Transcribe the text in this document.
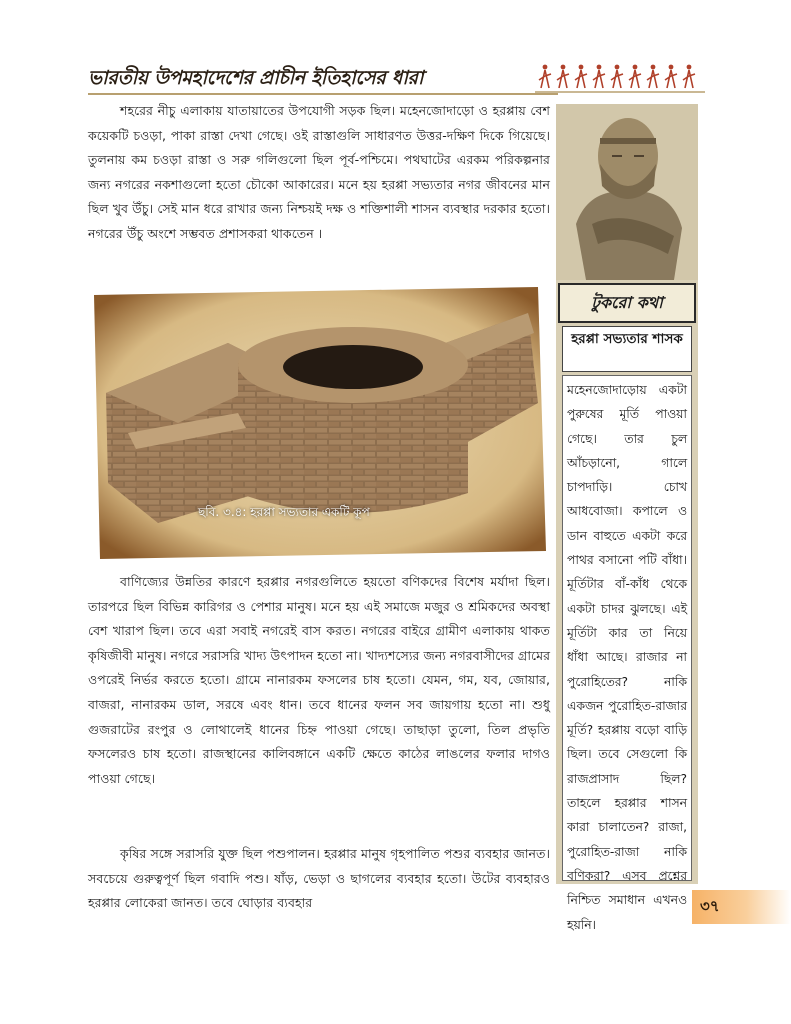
ভারতীয় উপমহাদেশের প্রাচীন ইতিহাসের ধারা

শহরের নীচু এলাকায় যাতায়াতের উপযোগী সড়ক ছিল। মহেনজোদাড়ো ও হরপ্পায় বেশ কয়েকটি চওড়া, পাকা রাস্তা দেখা গেছে। ওই রাস্তাগুলি সাধারণত উত্তর-দক্ষিণ দিকে গিয়েছে। তুলনায় কম চওড়া রাস্তা ও সরু গলিগুলো ছিল পূর্ব-পশ্চিমে। পথঘাটের এরকম পরিকল্পনার জন্য নগরের নকশাগুলো হতো চৌকো আকারের। মনে হয় হরপ্পা সভ্যতার নগর জীবনের মান ছিল খুব উঁচু। সেই মান ধরে রাখার জন্য নিশ্চয়ই দক্ষ ও শক্তিশালী শাসন ব্যবস্থার দরকার হতো। নগরের উঁচু অংশে সম্ভবত প্রশাসকরা থাকতেন ।

ছবি. ৩.৪: হরপ্পা সভ্যতার একটি কূপ

বাণিজ্যের উন্নতির কারণে হরপ্পার নগরগুলিতে হয়তো বণিকদের বিশেষ মর্যাদা ছিল। তারপরে ছিল বিভিন্ন কারিগর ও পেশার মানুষ। মনে হয় এই সমাজে মজুর ও শ্রমিকদের অবস্থা বেশ খারাপ ছিল। তবে এরা সবাই নগরেই বাস করত। নগরের বাইরে গ্রামীণ এলাকায় থাকত কৃষিজীবী মানুষ। নগরে সরাসরি খাদ্য উৎপাদন হতো না। খাদ্যশস্যের জন্য নগরবাসীদের গ্রামের ওপরেই নির্ভর করতে হতো। গ্রামে নানারকম ফসলের চাষ হতো। যেমন, গম, যব, জোয়ার, বাজরা, নানারকম ডাল, সরষে এবং ধান। তবে ধানের ফলন সব জায়গায় হতো না। শুধু গুজরাটের রংপুর ও লোথালেই ধানের চিহ্ন পাওয়া গেছে। তাছাড়া তুলো, তিল প্রভৃতি ফসলেরও চাষ হতো। রাজস্থানের কালিবঙ্গানে একটি ক্ষেতে কাঠের লাঙলের ফলার দাগও পাওয়া গেছে।

কৃষির সঙ্গে সরাসরি যুক্ত ছিল পশুপালন। হরপ্পার মানুষ গৃহপালিত পশুর ব্যবহার জানত। সবচেয়ে গুরুত্বপূর্ণ ছিল গবাদি পশু। ষাঁড়, ভেড়া ও ছাগলের ব্যবহার হতো। উটের ব্যবহারও হরপ্পার লোকেরা জানত। তবে ঘোড়ার ব্যবহার

টুকরো কথা
হরপ্পা সভ্যতার শাসক

মহেনজোদাড়োয় একটা পুরুষের মূর্তি পাওয়া গেছে। তার চুল আঁচড়ানো, গালে চাপদাড়ি। চোখ আধবোজা। কপালে ও ডান বাহুতে একটা করে পাথর বসানো পটি বাঁধা। মূর্তিটার বাঁ-কাঁধ থেকে একটা চাদর ঝুলছে। এই মূর্তিটা কার তা নিয়ে ধাঁধা আছে। রাজার না পুরোহিতের? নাকি একজন পুরোহিত-রাজার মূর্তি? হরপ্পায় বড়ো বাড়ি ছিল। তবে সেগুলো কি রাজপ্রাসাদ ছিল? তাহলে হরপ্পার শাসন কারা চালাতেন? রাজা, পুরোহিত-রাজা নাকি বণিকরা? এসব প্রশ্নের নিশ্চিত সমাধান এখনও হয়নি।

৩৭
